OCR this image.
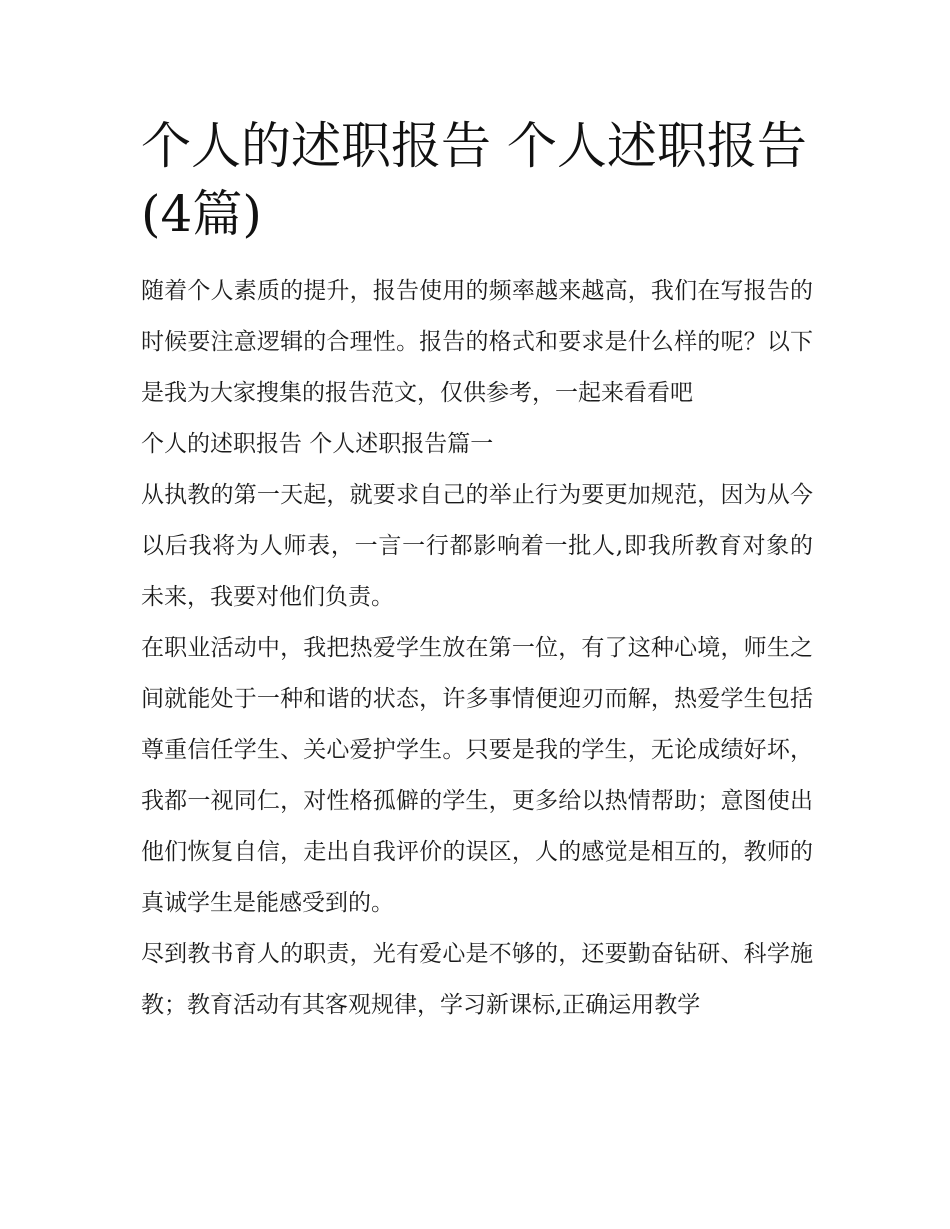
个人的述职报告 个人述职报告(4篇)

随着个人素质的提升，报告使用的频率越来越高，我们在写报告的时候要注意逻辑的合理性。报告的格式和要求是什么样的呢？以下是我为大家搜集的报告范文，仅供参考，一起来看看吧

个人的述职报告 个人述职报告篇一

从执教的第一天起，就要求自己的举止行为要更加规范，因为从今以后我将为人师表，一言一行都影响着一批人,即我所教育对象的未来，我要对他们负责。

在职业活动中，我把热爱学生放在第一位，有了这种心境，师生之间就能处于一种和谐的状态，许多事情便迎刃而解，热爱学生包括尊重信任学生、关心爱护学生。只要是我的学生，无论成绩好坏，我都一视同仁，对性格孤僻的学生，更多给以热情帮助；意图使出他们恢复自信，走出自我评价的误区，人的感觉是相互的，教师的真诚学生是能感受到的。

尽到教书育人的职责，光有爱心是不够的，还要勤奋钻研、科学施教；教育活动有其客观规律，学习新课标,正确运用教学
